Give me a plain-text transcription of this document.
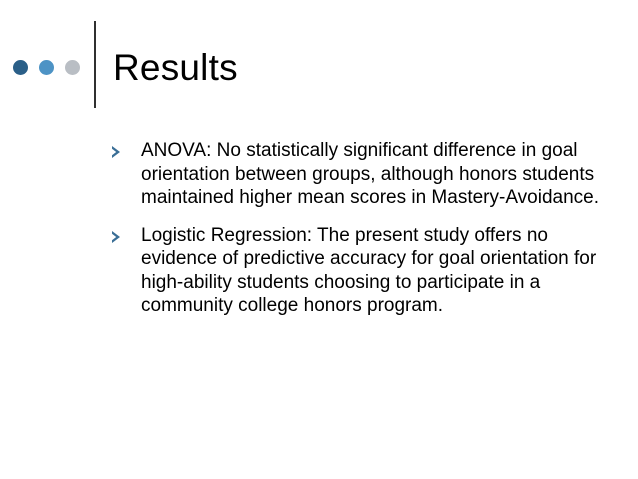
Results
ANOVA: No statistically significant difference in goal orientation between groups, although honors students maintained higher mean scores in Mastery-Avoidance.
Logistic Regression: The present study offers no evidence of predictive accuracy for goal orientation for high-ability students choosing to participate in a community college honors program.
